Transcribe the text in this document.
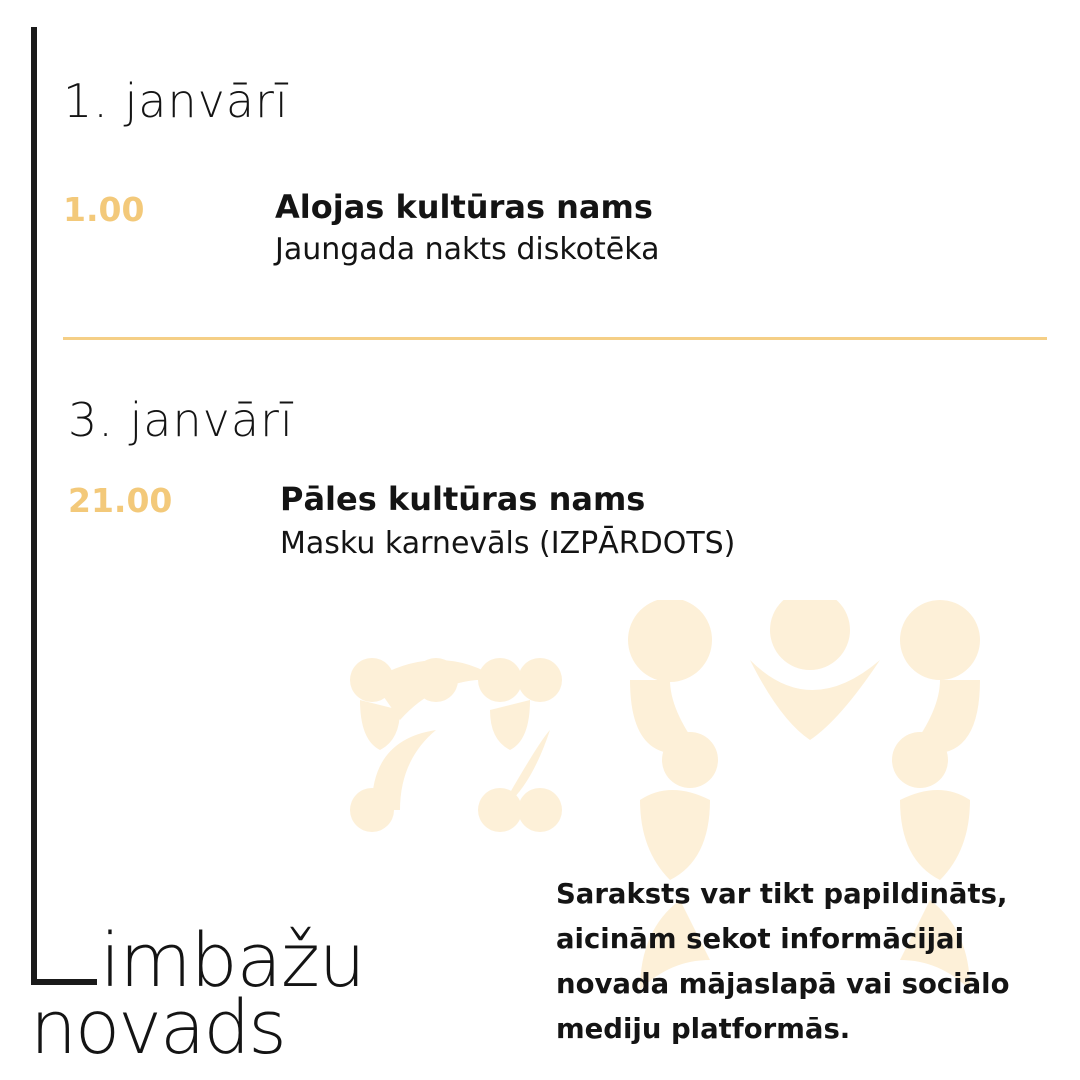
1. janvārī
1.00	Alojas kultūras nams
Jaungada nakts diskotēka
3. janvārī
21.00	Pāles kultūras nams
Masku karnevāls (IZPĀRDOTS)
Saraksts var tikt papildināts,
aicinām sekot informācijai
novada mājaslapā vai sociālo
mediju platformās.
imbažu
novads
